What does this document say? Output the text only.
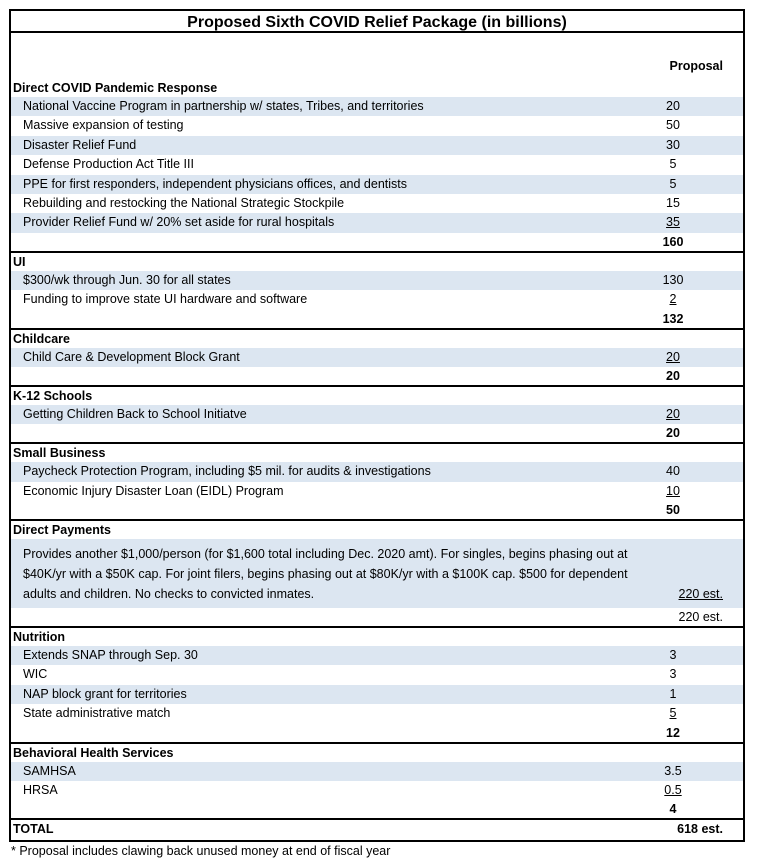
Proposed Sixth COVID Relief Package (in billions)
Proposal
Direct COVID Pandemic Response
National Vaccine Program in partnership w/ states, Tribes, and territories	20
Massive expansion of testing	50
Disaster Relief Fund	30
Defense Production Act Title III	5
PPE for first responders, independent physicians offices, and dentists	5
Rebuilding and restocking the National Strategic Stockpile	15
Provider Relief Fund w/ 20% set aside for rural hospitals	35
160
UI
$300/wk through Jun. 30 for all states	130
Funding to improve state UI hardware and software	2
132
Childcare
Child Care & Development Block Grant	20
20
K-12 Schools
Getting Children Back to School Initiatve	20
20
Small Business
Paycheck Protection Program, including $5 mil. for audits & investigations	40
Economic Injury Disaster Loan (EIDL) Program	10
50
Direct Payments
Provides another $1,000/person (for $1,600 total including Dec. 2020 amt). For singles, begins phasing out at $40K/yr with a $50K cap. For joint filers, begins phasing out at $80K/yr with a $100K cap. $500 for dependent adults and children. No checks to convicted inmates.	220 est.
220 est.
Nutrition
Extends SNAP through Sep. 30	3
WIC	3
NAP block grant for territories	1
State administrative match	5
12
Behavioral Health Services
SAMHSA	3.5
HRSA	0.5
4
TOTAL	618 est.
* Proposal includes clawing back unused money at end of fiscal year
